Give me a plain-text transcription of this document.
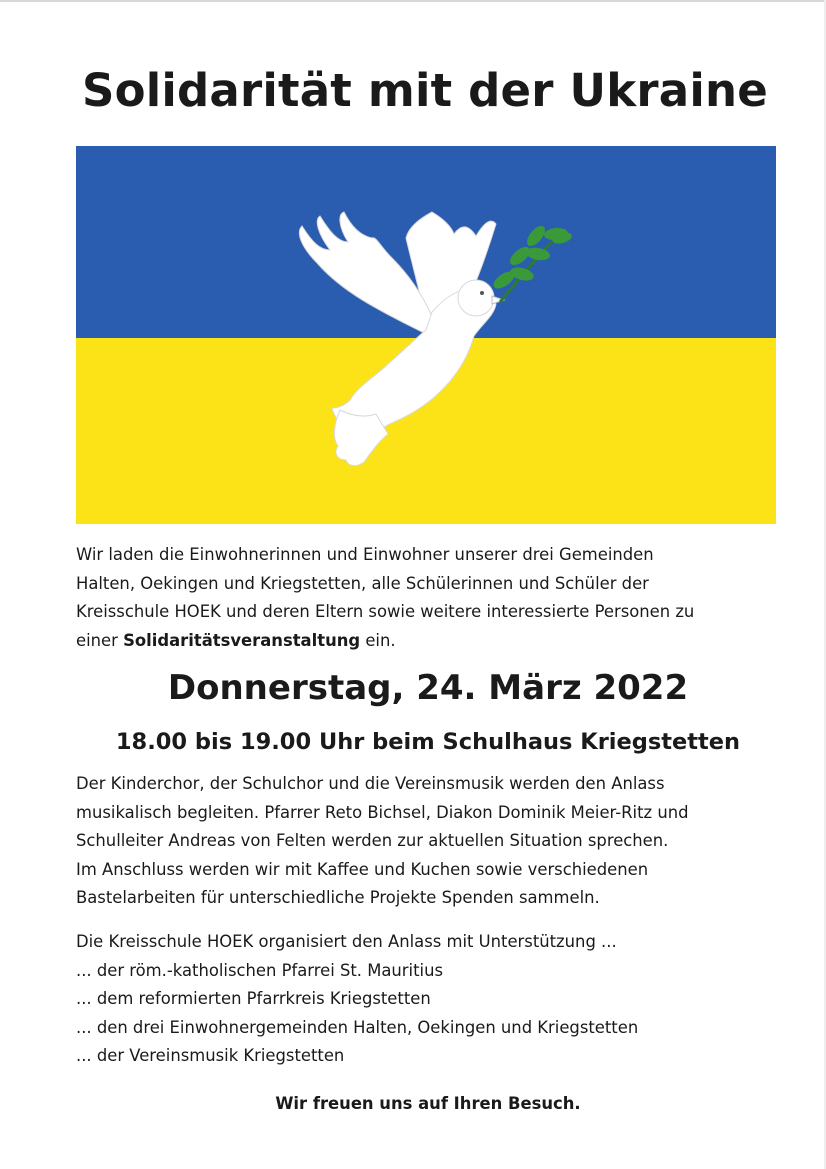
Solidarität mit der Ukraine
Wir laden die Einwohnerinnen und Einwohner unserer drei Gemeinden
Halten, Oekingen und Kriegstetten, alle Schülerinnen und Schüler der
Kreisschule HOEK und deren Eltern sowie weitere interessierte Personen zu
einer Solidaritätsveranstaltung ein.
Donnerstag, 24. März 2022
18.00 bis 19.00 Uhr beim Schulhaus Kriegstetten
Der Kinderchor, der Schulchor und die Vereinsmusik werden den Anlass
musikalisch begleiten. Pfarrer Reto Bichsel, Diakon Dominik Meier-Ritz und
Schulleiter Andreas von Felten werden zur aktuellen Situation sprechen.
Im Anschluss werden wir mit Kaffee und Kuchen sowie verschiedenen
Bastelarbeiten für unterschiedliche Projekte Spenden sammeln.
Die Kreisschule HOEK organisiert den Anlass mit Unterstützung ...
... der röm.-katholischen Pfarrei St. Mauritius
... dem reformierten Pfarrkreis Kriegstetten
... den drei Einwohnergemeinden Halten, Oekingen und Kriegstetten
... der Vereinsmusik Kriegstetten

Wir freuen uns auf Ihren Besuch.
